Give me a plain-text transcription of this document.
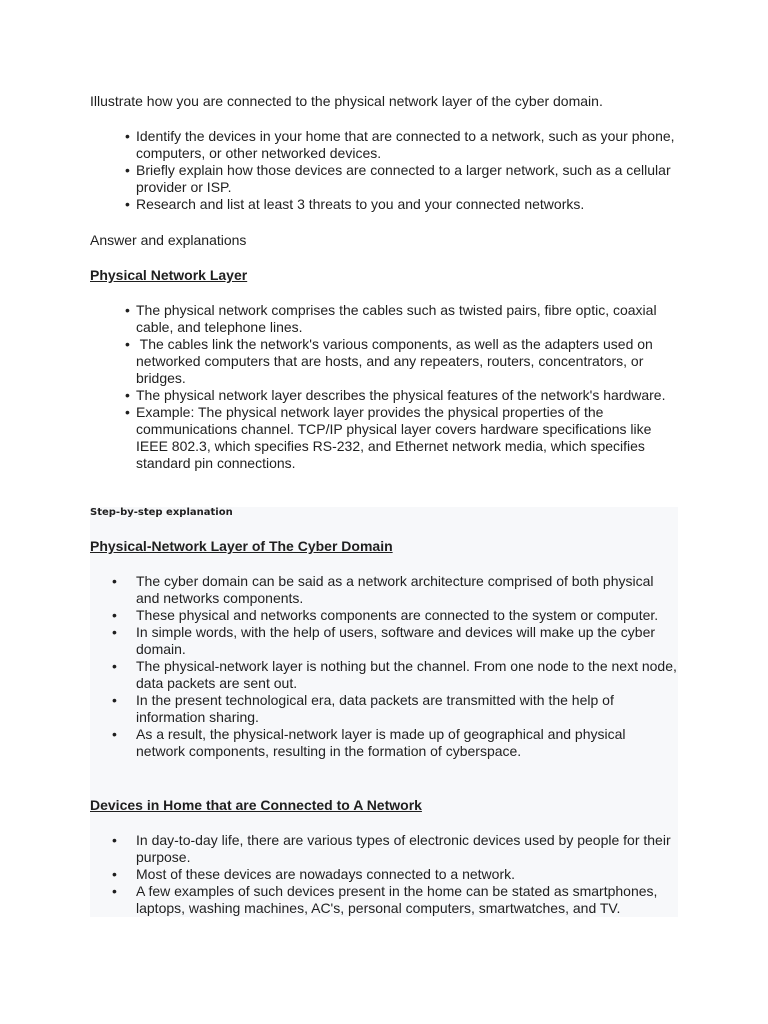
Illustrate how you are connected to the physical network layer of the cyber domain.

• Identify the devices in your home that are connected to a network, such as your phone, computers, or other networked devices.
• Briefly explain how those devices are connected to a larger network, such as a cellular provider or ISP.
• Research and list at least 3 threats to you and your connected networks.

Answer and explanations

Physical Network Layer

• The physical network comprises the cables such as twisted pairs, fibre optic, coaxial cable, and telephone lines.
• The cables link the network's various components, as well as the adapters used on networked computers that are hosts, and any repeaters, routers, concentrators, or bridges.
• The physical network layer describes the physical features of the network's hardware.
• Example: The physical network layer provides the physical properties of the communications channel. TCP/IP physical layer covers hardware specifications like IEEE 802.3, which specifies RS-232, and Ethernet network media, which specifies standard pin connections.

Step-by-step explanation

Physical-Network Layer of The Cyber Domain

• The cyber domain can be said as a network architecture comprised of both physical and networks components.
• These physical and networks components are connected to the system or computer.
• In simple words, with the help of users, software and devices will make up the cyber domain.
• The physical-network layer is nothing but the channel. From one node to the next node, data packets are sent out.
• In the present technological era, data packets are transmitted with the help of information sharing.
• As a result, the physical-network layer is made up of geographical and physical network components, resulting in the formation of cyberspace.

Devices in Home that are Connected to A Network

• In day-to-day life, there are various types of electronic devices used by people for their purpose.
• Most of these devices are nowadays connected to a network.
• A few examples of such devices present in the home can be stated as smartphones, laptops, washing machines, AC's, personal computers, smartwatches, and TV.
